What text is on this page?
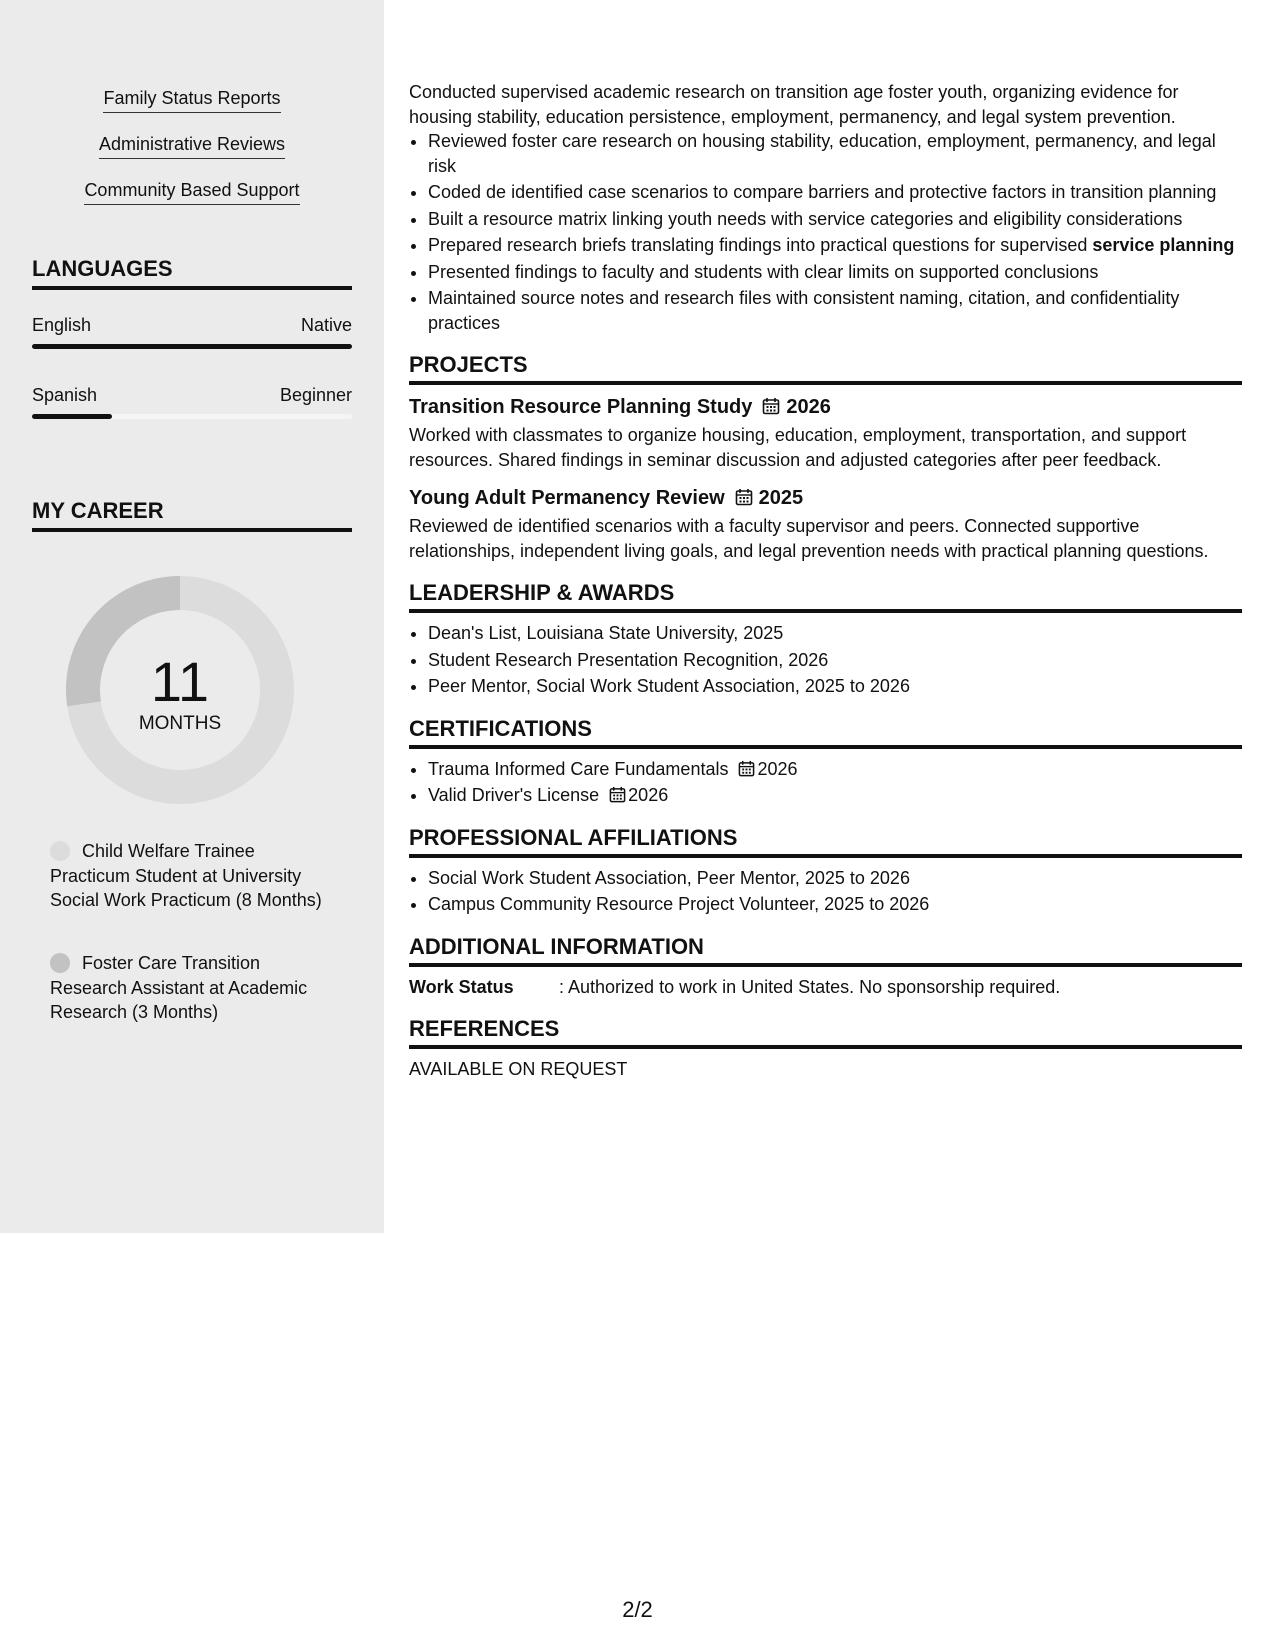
Family Status Reports
Administrative Reviews
Community Based Support
LANGUAGES
English	Native
Spanish	Beginner
MY CAREER
11
MONTHS
Child Welfare Trainee Practicum Student at University Social Work Practicum (8 Months)
Foster Care Transition Research Assistant at Academic Research (3 Months)

Conducted supervised academic research on transition age foster youth, organizing evidence for housing stability, education persistence, employment, permanency, and legal system prevention.

• Reviewed foster care research on housing stability, education, employment, permanency, and legal risk
• Coded de identified case scenarios to compare barriers and protective factors in transition planning
• Built a resource matrix linking youth needs with service categories and eligibility considerations
• Prepared research briefs translating findings into practical questions for supervised service planning
• Presented findings to faculty and students with clear limits on supported conclusions
• Maintained source notes and research files with consistent naming, citation, and confidentiality practices
PROJECTS
Transition Resource Planning Study 2026

Worked with classmates to organize housing, education, employment, transportation, and support resources. Shared findings in seminar discussion and adjusted categories after peer feedback.

Young Adult Permanency Review 2025

Reviewed de identified scenarios with a faculty supervisor and peers. Connected supportive relationships, independent living goals, and legal prevention needs with practical planning questions.

LEADERSHIP & AWARDS
• Dean's List, Louisiana State University, 2025
• Student Research Presentation Recognition, 2026
• Peer Mentor, Social Work Student Association, 2025 to 2026
CERTIFICATIONS
• Trauma Informed Care Fundamentals 2026
• Valid Driver's License 2026
PROFESSIONAL AFFILIATIONS
• Social Work Student Association, Peer Mentor, 2025 to 2026
• Campus Community Resource Project Volunteer, 2025 to 2026
ADDITIONAL INFORMATION
Work Status	: Authorized to work in United States. No sponsorship required.
REFERENCES

AVAILABLE ON REQUEST

2/2
